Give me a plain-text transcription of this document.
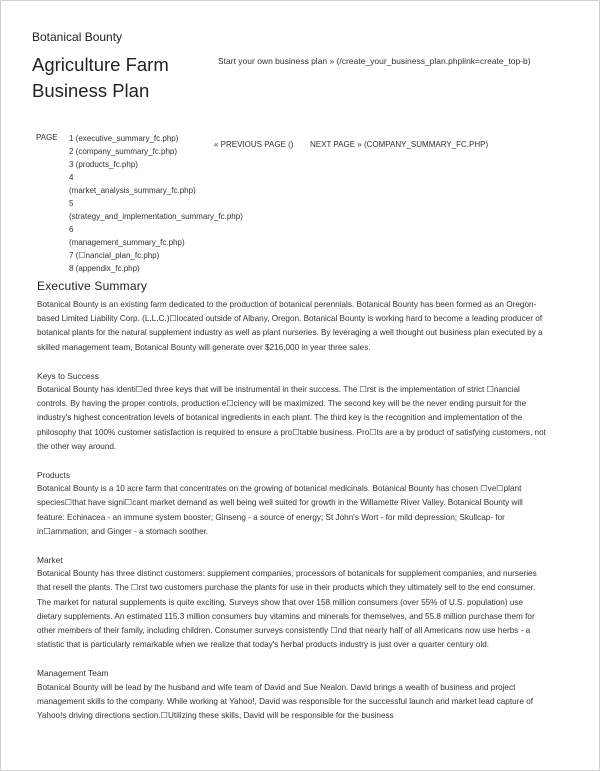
Botanical Bounty
Agriculture Farm
Business Plan
Start your own business plan » (/create_your_business_plan.phplink=create_top-b)
PAGE 1 (executive_summary_fc.php)
2 (company_summary_fc.php)
3 (products_fc.php)
4
(market_analysis_summary_fc.php)
5
(strategy_and_implementation_summary_fc.php)
6
(management_summary_fc.php)
7 (☐nancial_plan_fc.php)
8 (appendix_fc.php)
« PREVIOUS PAGE () NEXT PAGE » (COMPANY_SUMMARY_FC.PHP)
Executive Summary

Botanical Bounty is an existing farm dedicated to the production of botanical perennials. Botanical Bounty has been formed as an Oregon-based Limited Liability Corp. (L.L.C.)☐located outside of Albany, Oregon. Botanical Bounty is working hard to become a leading producer of botanical plants for the natural supplement industry as well as plant nurseries. By leveraging a well thought out business plan executed by a skilled management team, Botanical Bounty will generate over $216,000 in year three sales.

Keys to Success

Botanical Bounty has identi☐ed three keys that will be instrumental in their success. The ☐rst is the implementation of strict ☐nancial controls. By having the proper controls, production e☐ciency will be maximized. The second key will be the never ending pursuit for the industry's highest concentration levels of botanical ingredients in each plant. The third key is the recognition and implementation of the philosophy that 100% customer satisfaction is required to ensure a pro☐table business. Pro☐ts are a by product of satisfying customers, not the other way around.

Products

Botanical Bounty is a 10 acre farm that concentrates on the growing of botanical medicinals. Botanical Bounty has chosen ☐ve☐plant species☐that have signi☐cant market demand as well being well suited for growth in the Willamette River Valley. Botanical Bounty will feature: Echinacea - an immune system booster; Ginseng - a source of energy; St John's Wort - for mild depression; Skullcap- for in☐ammation; and Ginger - a stomach soother.

Market

Botanical Bounty has three distinct customers: supplement companies, processors of botanicals for supplement companies, and nurseries that resell the plants. The ☐rst two customers purchase the plants for use in their products which they ultimately sell to the end consumer. The market for natural supplements is quite exciting. Surveys show that over 158 million consumers (over 55% of U.S. population) use dietary supplements. An estimated 115.3 million consumers buy vitamins and minerals for themselves, and 55.8 million purchase them for other members of their family, including children. Consumer surveys consistently ☐nd that nearly half of all Americans now use herbs - a statistic that is particularly remarkable when we realize that today's herbal products industry is just over a quarter century old.

Management Team

Botanical Bounty will be lead by the husband and wife team of David and Sue Nealon. David brings a wealth of business and project management skills to the company. While working at Yahoo!, David was responsible for the successful launch and market lead capture of Yahoo!s driving directions section.☐Utilizing these skills, David will be responsible for the business
